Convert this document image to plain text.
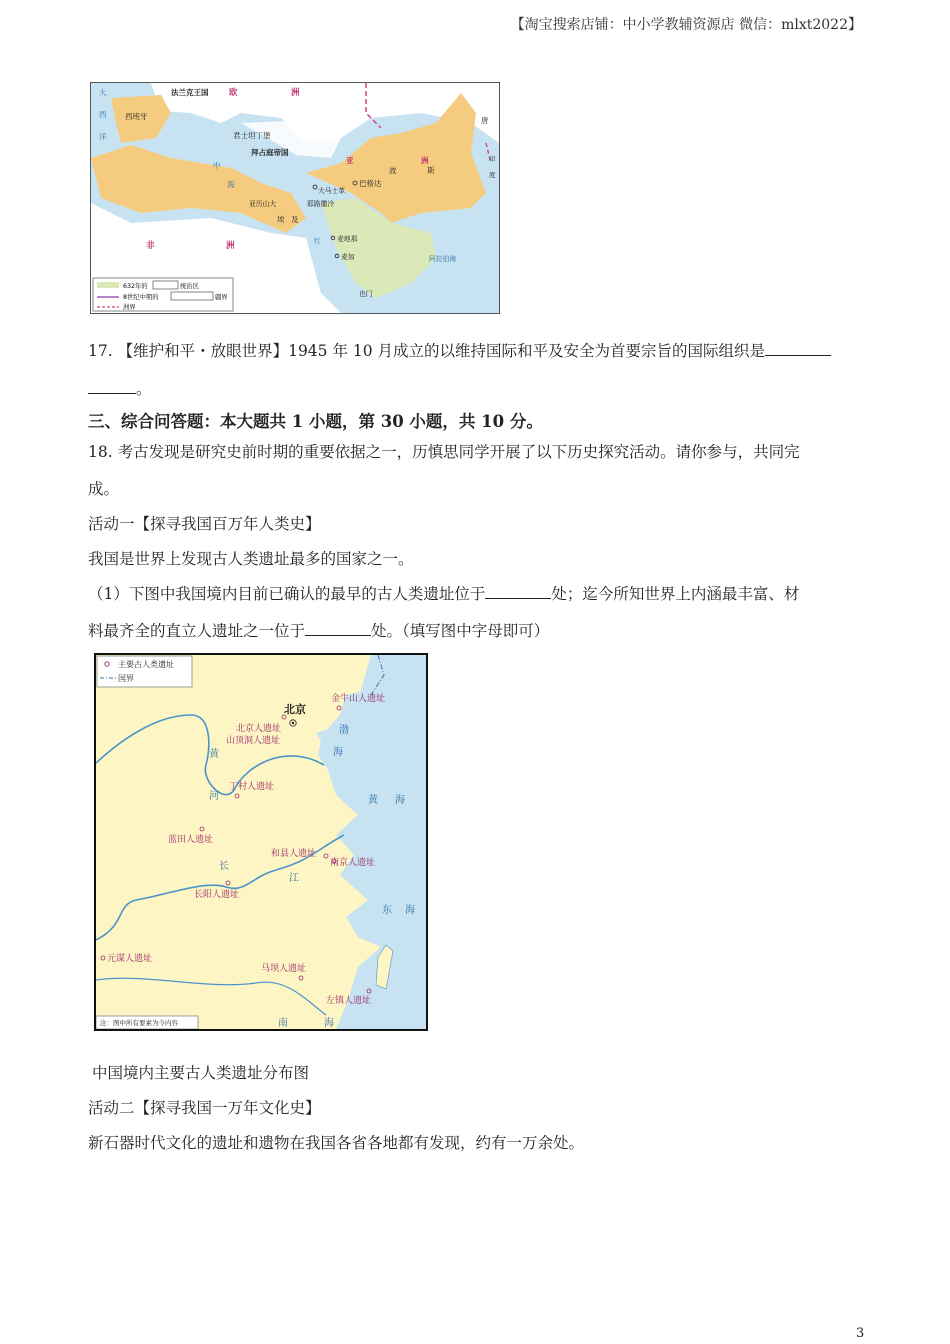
【淘宝搜索店铺：中小学教辅资源店 微信：mlxt2022】
法兰克王国 欧	洲
大
西
洋
西班牙
君士坦丁堡
拜占庭帝国
唐
印
度
亚	洲
波	斯
巴格达
大马士革
耶路撒冷
亚历山大
埃 及
麦地那
麦加
也门
阿拉伯海
非	洲
中
海
红
632年的	统治区
8世纪中期的	疆界
洲界
17. 【维护和平・放眼世界】1945 年 10 月成立的以维持国际和平及安全为首要宗旨的国际组织是
。
三、综合问答题：本大题共 1 小题，第 30 小题，共 10 分。
18. 考古发现是研究史前时期的重要依据之一，历慎思同学开展了以下历史探究活动。请你参与，共同完
成。
活动一【探寻我国百万年人类史】
我国是世界上发现古人类遗址最多的国家之一。
（1）下图中我国境内目前已确认的最早的古人类遗址位于	处；迄今所知世界上内涵最丰富、材
料最齐全的直立人遗址之一位于	处。（填写图中字母即可）
主要古人类遗址
国界
北京
金牛山人遗址
北京人遗址
山顶洞人遗址
丁村人遗址
蓝田人遗址
和县人遗址
南京人遗址
长阳人遗址
元谋人遗址
马坝人遗址
左镇人遗址
黄
河
长
江
渤
海
黄 海
东 海
南	海
注：图中所有要素为今内容
中国境内主要古人类遗址分布图
活动二【探寻我国一万年文化史】
新石器时代文化的遗址和遗物在我国各省各地都有发现，约有一万余处。
3
